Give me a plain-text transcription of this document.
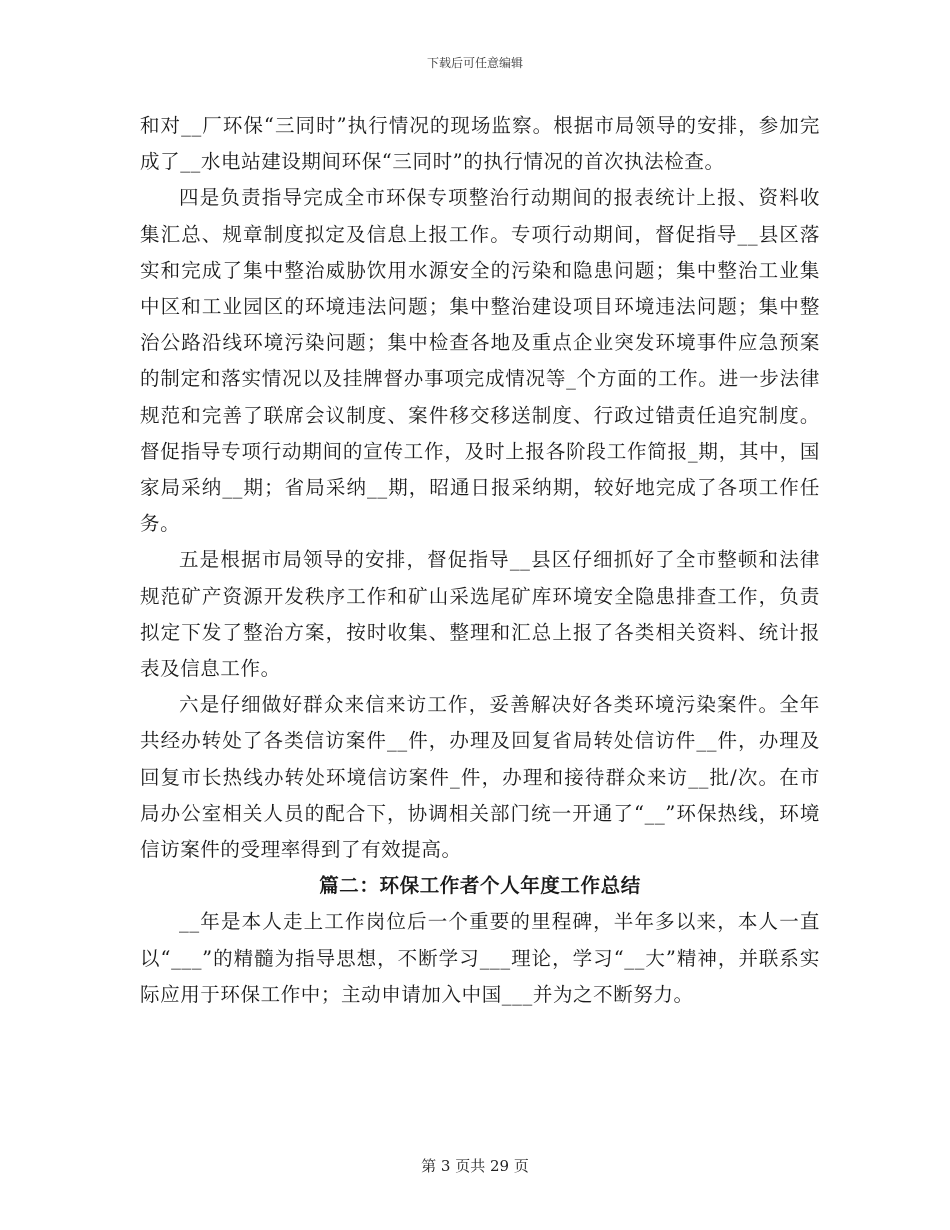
下载后可任意编辑

和对__厂环保“三同时”执行情况的现场监察。根据市局领导的安排，参加完成了__水电站建设期间环保“三同时”的执行情况的首次执法检查。

四是负责指导完成全市环保专项整治行动期间的报表统计上报、资料收集汇总、规章制度拟定及信息上报工作。专项行动期间，督促指导__县区落实和完成了集中整治威胁饮用水源安全的污染和隐患问题；集中整治工业集中区和工业园区的环境违法问题；集中整治建设项目环境违法问题；集中整治公路沿线环境污染问题；集中检查各地及重点企业突发环境事件应急预案的制定和落实情况以及挂牌督办事项完成情况等_个方面的工作。进一步法律规范和完善了联席会议制度、案件移交移送制度、行政过错责任追究制度。督促指导专项行动期间的宣传工作，及时上报各阶段工作简报_期，其中，国家局采纳__期；省局采纳__期，昭通日报采纳期，较好地完成了各项工作任务。

五是根据市局领导的安排，督促指导__县区仔细抓好了全市整顿和法律规范矿产资源开发秩序工作和矿山采选尾矿库环境安全隐患排查工作，负责拟定下发了整治方案，按时收集、整理和汇总上报了各类相关资料、统计报表及信息工作。

六是仔细做好群众来信来访工作，妥善解决好各类环境污染案件。全年共经办转处了各类信访案件__件，办理及回复省局转处信访件__件，办理及回复市长热线办转处环境信访案件_件，办理和接待群众来访__批/次。在市局办公室相关人员的配合下，协调相关部门统一开通了“__”环保热线，环境信访案件的受理率得到了有效提高。

篇二：环保工作者个人年度工作总结

__年是本人走上工作岗位后一个重要的里程碑，半年多以来，本人一直以“___”的精髓为指导思想，不断学习___理论，学习“__大”精神，并联系实际应用于环保工作中；主动申请加入中国___并为之不断努力。

第 3 页共 29 页
